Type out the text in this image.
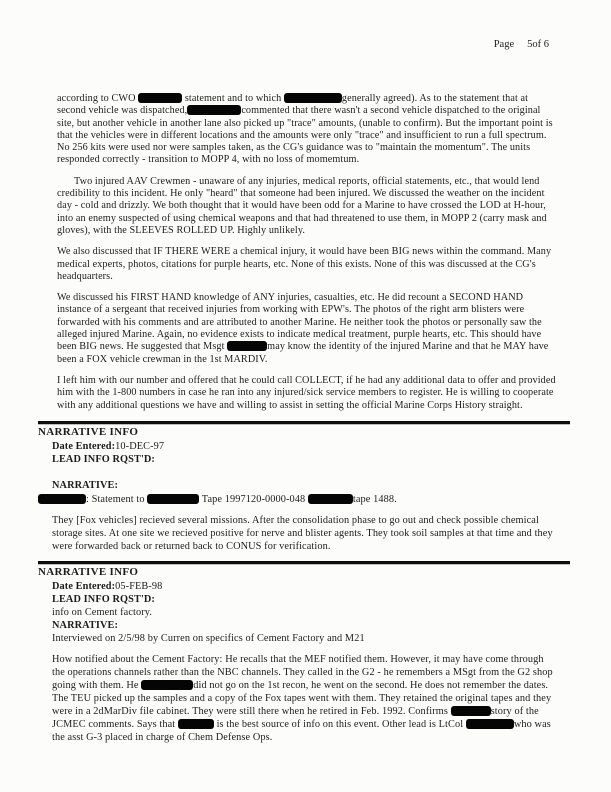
Page 5of 6
according to CWO	statement and to which	generally agreed). As to the statement that at second vehicle was dispatched,	commented that there wasn't a second vehicle dispatched to the original site, but another vehicle in another lane also picked up "trace" amounts, (unable to confirm). But the important point is that the vehicles were in different locations and the amounts were only "trace" and insufficient to run a full spectrum. No 256 kits were used nor were samples taken, as the CG's guidance was to "maintain the momentum". The units responded correctly - transition to MOPP 4, with no loss of momemtum.
Two injured AAV Crewmen - unaware of any injuries, medical reports, official statements, etc., that would lend credibility to this incident. He only "heard" that someone had been injured. We discussed the weather on the incident day - cold and drizzly. We both thought that it would have been odd for a Marine to have crossed the LOD at H-hour, into an enemy suspected of using chemical weapons and that had threatened to use them, in MOPP 2 (carry mask and gloves), with the SLEEVES ROLLED UP. Highly unlikely.
We also discussed that IF THERE WERE a chemical injury, it would have been BIG news within the command. Many medical experts, photos, citations for purple hearts, etc. None of this exists. None of this was discussed at the CG's headquarters.
We discussed his FIRST HAND knowledge of ANY injuries, casualties, etc. He did recount a SECOND HAND instance of a sergeant that received injuries from working with EPW's. The photos of the right arm blisters were forwarded with his comments and are attributed to another Marine. He neither took the photos or personally saw the alleged injured Marine. Again, no evidence exists to indicate medical treatment, purple hearts, etc. This should have been BIG news. He suggested that Msgt	may know the identity of the injured Marine and that he MAY have been a FOX vehicle crewman in the 1st MARDIV.
I left him with our number and offered that he could call COLLECT, if he had any additional data to offer and provided him with the 1-800 numbers in case he ran into any injured/sick service members to register. He is willing to cooperate with any additional questions we have and willing to assist in setting the official Marine Corps History straight.
NARRATIVE INFO
Date Entered:10-DEC-97
LEAD INFO RQST'D:
NARRATIVE:
: Statement to	Tape 1997120-0000-048	tape 1488.
They [Fox vehicles] recieved several missions. After the consolidation phase to go out and check possible chemical storage sites. At one site we recieved positive for nerve and blister agents. They took soil samples at that time and they were forwarded back or returned back to CONUS for verification.
NARRATIVE INFO
Date Entered:05-FEB-98
LEAD INFO RQST'D:
info on Cement factory.
NARRATIVE:
Interviewed on 2/5/98 by Curren on specifics of Cement Factory and M21
How notified about the Cement Factory: He recalls that the MEF notified them. However, it may have come through the operations channels rather than the NBC channels. They called in the G2 - he remembers a MSgt from the G2 shop going with them. He	did not go on the 1st recon, he went on the second. He does not remember the dates. The TEU picked up the samples and a copy of the Fox tapes went with them. They retained the original tapes and they were in a 2dMarDiv file cabinet. They were still there when he retired in Feb. 1992. Confirms	story of the JCMEC comments. Says that	is the best source of info on this event. Other lead is LtCol	who was the asst G-3 placed in charge of Chem Defense Ops.
